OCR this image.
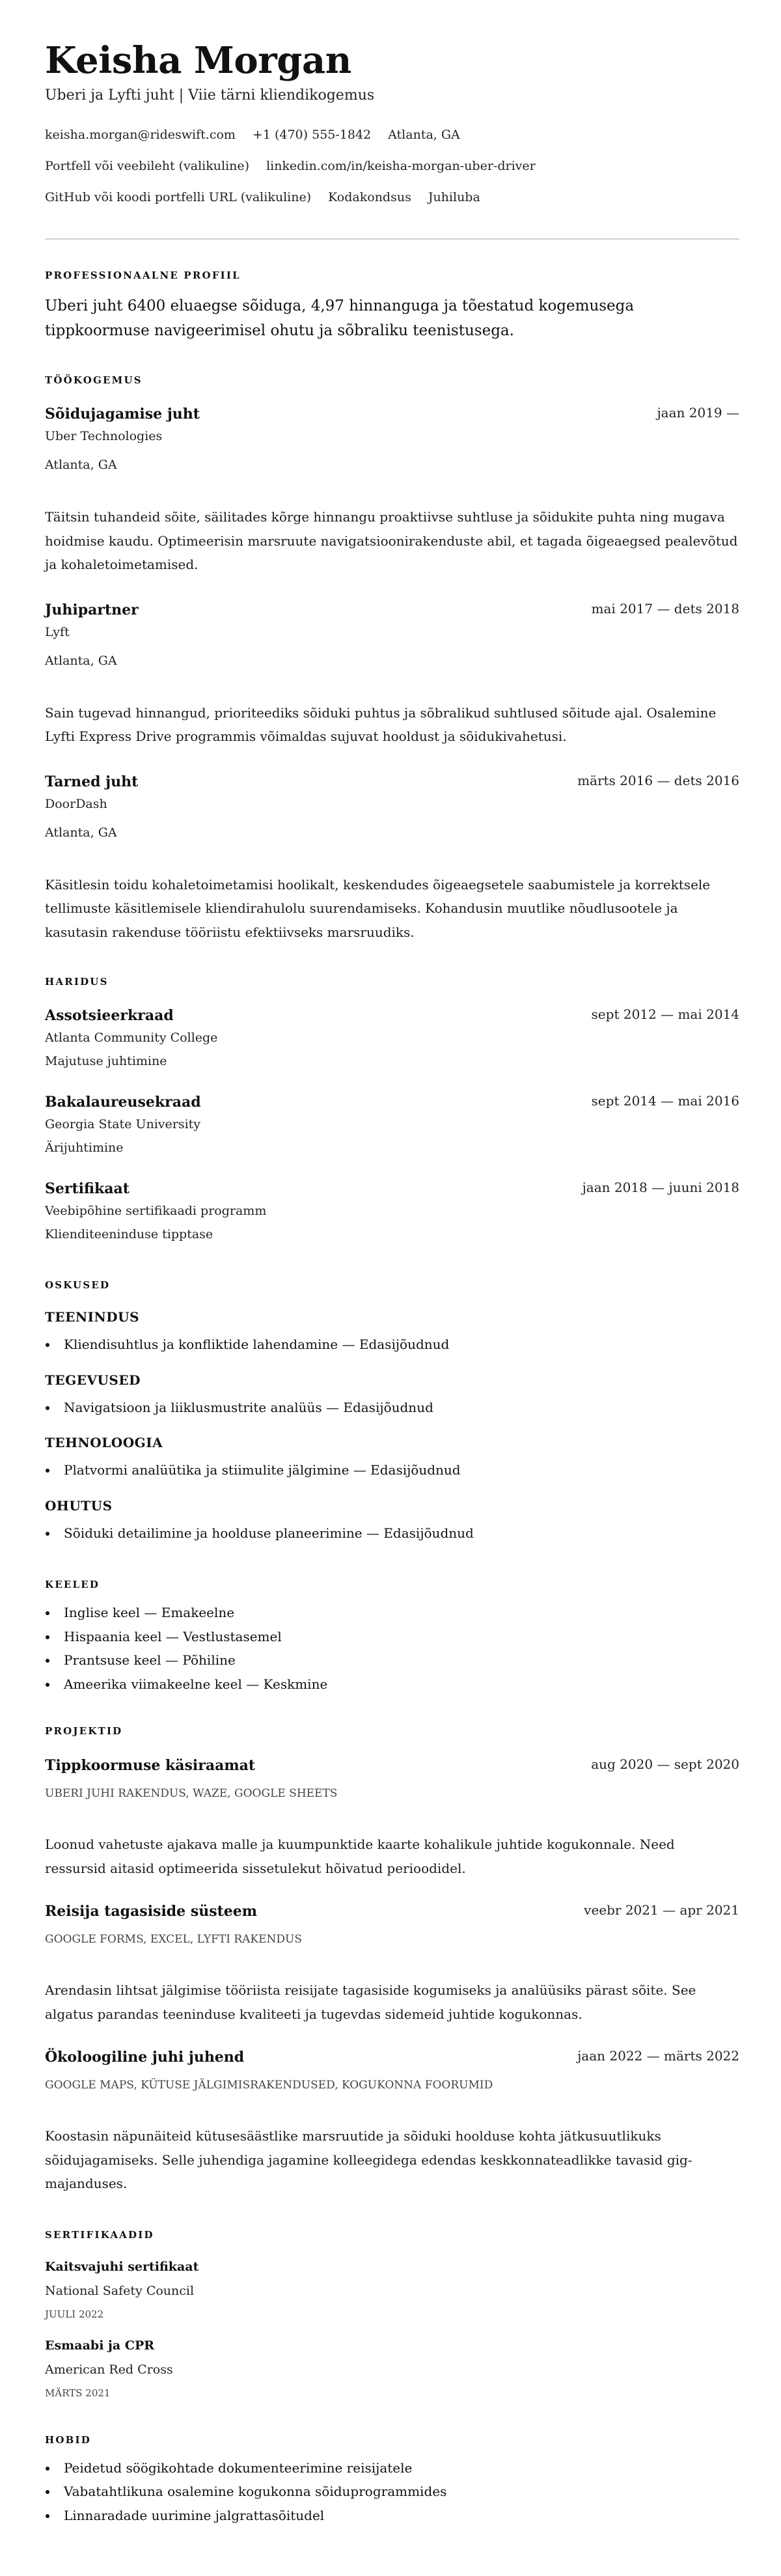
Keisha Morgan
Uberi ja Lyfti juht | Viie tärni kliendikogemus
keisha.morgan@rideswift.com +1 (470) 555-1842 Atlanta, GA
Portfell või veebileht (valikuline) linkedin.com/in/keisha-morgan-uber-driver
GitHub või koodi portfelli URL (valikuline) Kodakondsus Juhiluba
PROFESSIONAALNE PROFIIL
Uberi juht 6400 eluaegse sõiduga, 4,97 hinnanguga ja tõestatud kogemusega tippkoormuse navigeerimisel ohutu ja sõbraliku teenistusega.
TÖÖKOGEMUS
Sõidujagamise juht	jaan 2019 —
Uber Technologies
Atlanta, GA
Täitsin tuhandeid sõite, säilitades kõrge hinnangu proaktiivse suhtluse ja sõidukite puhta ning mugava hoidmise kaudu. Optimeerisin marsruute navigatsioonirakenduste abil, et tagada õigeaegsed pealevõtud ja kohaletoimetamised.
Juhipartner	mai 2017 — dets 2018
Lyft
Atlanta, GA
Sain tugevad hinnangud, prioriteediks sõiduki puhtus ja sõbralikud suhtlused sõitude ajal. Osalemine Lyfti Express Drive programmis võimaldas sujuvat hooldust ja sõidukivahetusi.
Tarned juht	märts 2016 — dets 2016
DoorDash
Atlanta, GA
Käsitlesin toidu kohaletoimetamisi hoolikalt, keskendudes õigeaegsetele saabumistele ja korrektsele tellimuste käsitlemisele kliendirahulolu suurendamiseks. Kohandusin muutlike nõudlusootele ja kasutasin rakenduse tööriistu efektiivseks marsruudiks.
HARIDUS
Assotsieerkraad	sept 2012 — mai 2014
Atlanta Community College
Majutuse juhtimine
Bakalaureusekraad	sept 2014 — mai 2016
Georgia State University
Ärijuhtimine
Sertifikaat	jaan 2018 — juuni 2018
Veebipõhine sertifikaadi programm
Klienditeeninduse tipptase
OSKUSED
TEENINDUS
Kliendisuhtlus ja konfliktide lahendamine — Edasijõudnud
TEGEVUSED
Navigatsioon ja liiklusmustrite analüüs — Edasijõudnud
TEHNOLOOGIA
Platvormi analüütika ja stiimulite jälgimine — Edasijõudnud
OHUTUS
Sõiduki detailimine ja hoolduse planeerimine — Edasijõudnud
KEELED
Inglise keel — Emakeelne
Hispaania keel — Vestlustasemel
Prantsuse keel — Põhiline
Ameerika viimakeelne keel — Keskmine
PROJEKTID
Tippkoormuse käsiraamat	aug 2020 — sept 2020
UBERI JUHI RAKENDUS, WAZE, GOOGLE SHEETS
Loonud vahetuste ajakava malle ja kuumpunktide kaarte kohalikule juhtide kogukonnale. Need ressursid aitasid optimeerida sissetulekut hõivatud perioodidel.
Reisija tagasiside süsteem	veebr 2021 — apr 2021
GOOGLE FORMS, EXCEL, LYFTI RAKENDUS
Arendasin lihtsat jälgimise tööriista reisijate tagasiside kogumiseks ja analüüsiks pärast sõite. See algatus parandas teeninduse kvaliteeti ja tugevdas sidemeid juhtide kogukonnas.
Ökoloogiline juhi juhend	jaan 2022 — märts 2022
GOOGLE MAPS, KÜTUSE JÄLGIMISRAKENDUSED, KOGUKONNA FOORUMID
Koostasin näpunäiteid kütusesäästlike marsruutide ja sõiduki hoolduse kohta jätkusuutlikuks sõidujagamiseks. Selle juhendiga jagamine kolleegidega edendas keskkonnateadlikke tavasid gig-majanduses.
SERTIFIKAADID
Kaitsvajuhi sertifikaat
National Safety Council
JUULI 2022
Esmaabi ja CPR
American Red Cross
MÄRTS 2021
HOBID
Peidetud söögikohtade dokumenteerimine reisijatele
Vabatahtlikuna osalemine kogukonna sõiduprogrammides
Linnaradade uurimine jalgrattasõitudel
